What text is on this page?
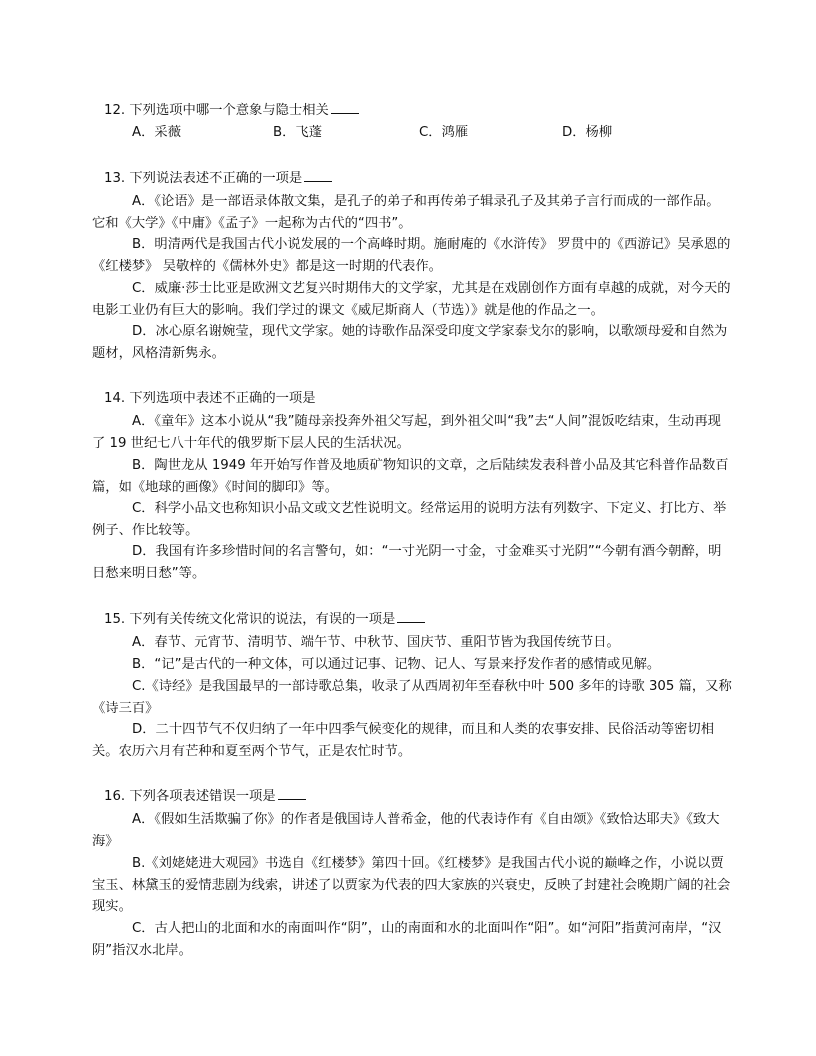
12. 下列选项中哪一个意象与隐士相关
A．采薇	B．飞蓬	C．鸿雁	D．杨柳
13. 下列说法表述不正确的一项是
A．《论语》是一部语录体散文集，是孔子的弟子和再传弟子辑录孔子及其弟子言行而成的一部作品。它和《大学》《中庸》《孟子》一起称为古代的“四书”。
B．明清两代是我国古代小说发展的一个高峰时期。施耐庵的《水浒传》 罗贯中的《西游记》吴承恩的《红楼梦》 吴敬梓的《儒林外史》都是这一时期的代表作。
C．威廉·莎士比亚是欧洲文艺复兴时期伟大的文学家，尤其是在戏剧创作方面有卓越的成就，对今天的电影工业仍有巨大的影响。我们学过的课文《威尼斯商人（节选）》就是他的作品之一。
D．冰心原名谢婉莹，现代文学家。她的诗歌作品深受印度文学家泰戈尔的影响，以歌颂母爱和自然为题材，风格清新隽永。
14. 下列选项中表述不正确的一项是
A．《童年》这本小说从“我”随母亲投奔外祖父写起，到外祖父叫“我”去“人间”混饭吃结束，生动再现了 19 世纪七八十年代的俄罗斯下层人民的生活状况。
B．陶世龙从 1949 年开始写作普及地质矿物知识的文章，之后陆续发表科普小品及其它科普作品数百篇，如《地球的画像》《时间的脚印》等。
C．科学小品文也称知识小品文或文艺性说明文。经常运用的说明方法有列数字、下定义、打比方、举例子、作比较等。
D．我国有许多珍惜时间的名言警句，如：“一寸光阴一寸金，寸金难买寸光阴”“今朝有酒今朝醉，明日愁来明日愁”等。
15. 下列有关传统文化常识的说法，有误的一项是
A．春节、元宵节、清明节、端午节、中秋节、国庆节、重阳节皆为我国传统节日。
B．“记”是古代的一种文体，可以通过记事、记物、记人、写景来抒发作者的感情或见解。
C.《诗经》是我国最早的一部诗歌总集，收录了从西周初年至春秋中叶 500 多年的诗歌 305 篇，又称《诗三百》
D．二十四节气不仅归纳了一年中四季气候变化的规律，而且和人类的农事安排、民俗活动等密切相关。农历六月有芒种和夏至两个节气，正是农忙时节。
16. 下列各项表述错误一项是
A．《假如生活欺骗了你》的作者是俄国诗人普希金，他的代表诗作有《自由颂》《致恰达耶夫》《致大海》
B.《刘姥姥进大观园》书选自《红楼梦》第四十回。《红楼梦》是我国古代小说的巅峰之作，小说以贾宝玉、林黛玉的爱情悲剧为线索，讲述了以贾家为代表的四大家族的兴衰史，反映了封建社会晚期广阔的社会现实。
C．古人把山的北面和水的南面叫作“阴”，山的南面和水的北面叫作“阳”。如“河阳”指黄河南岸，“汉阴”指汉水北岸。
